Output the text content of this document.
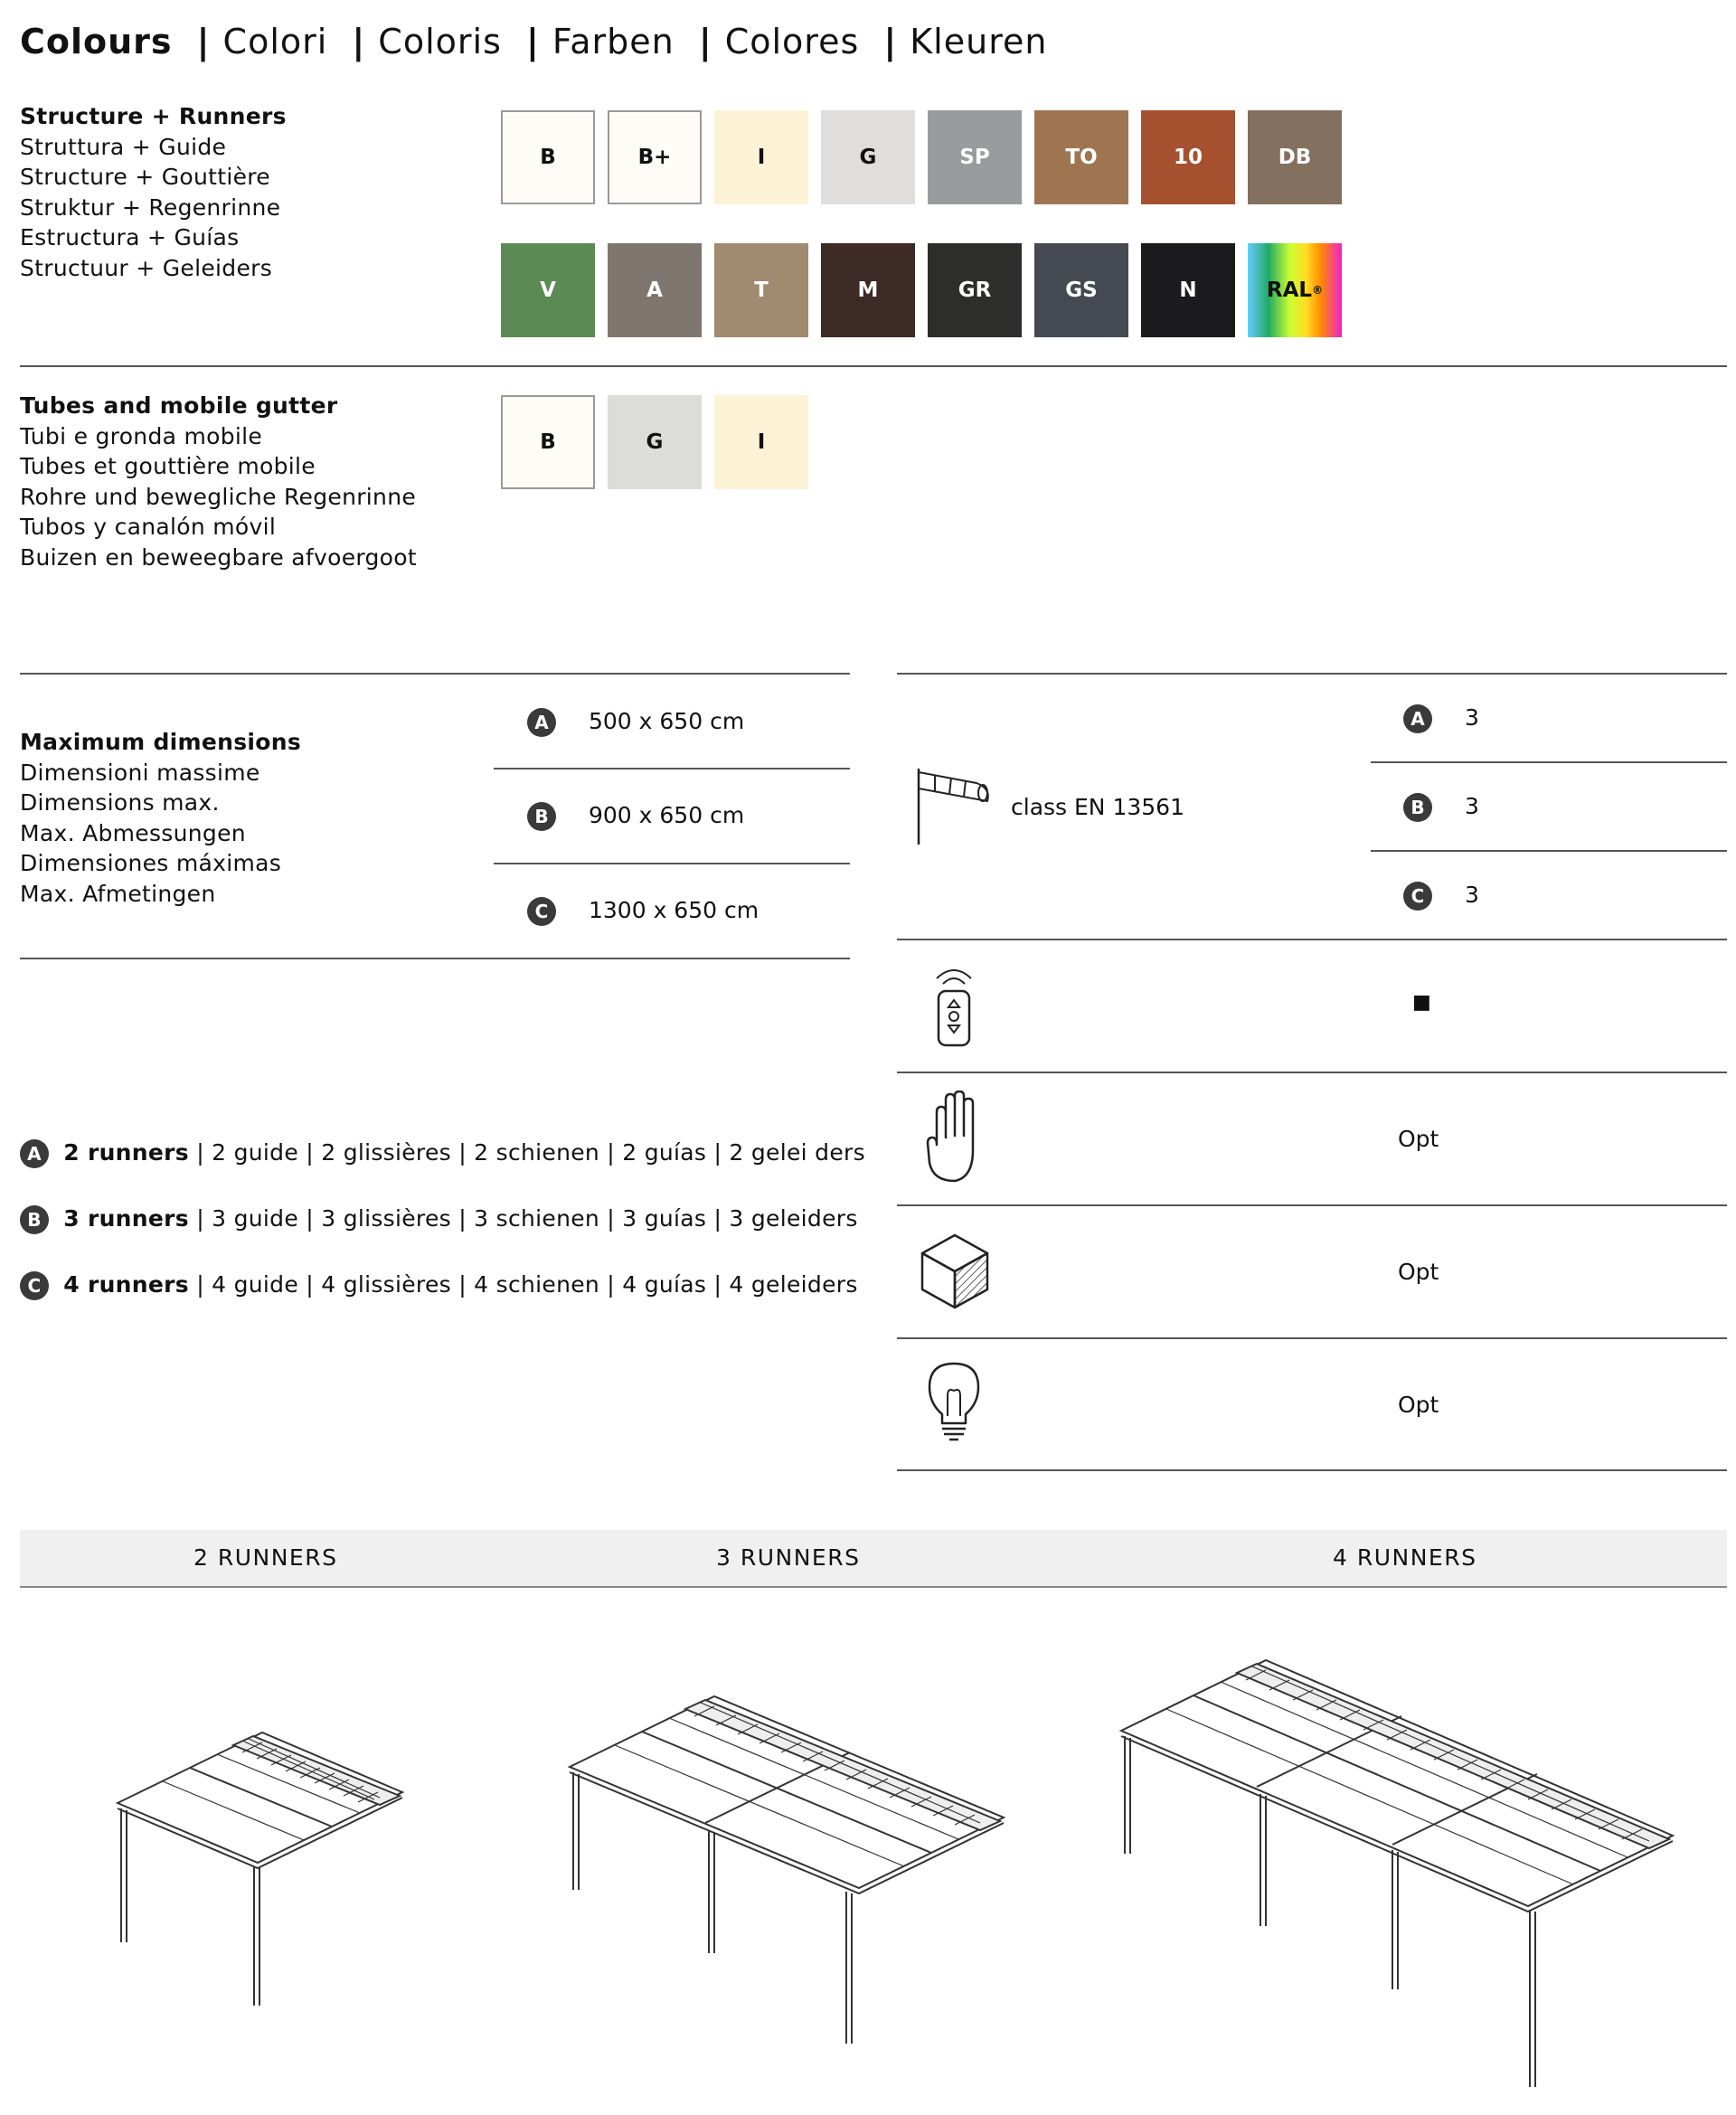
Colours | Colori | Coloris | Farben | Colores | Kleuren
Structure + Runners
Struttura + Guide
Structure + Gouttière
Struktur + Regenrinne
Estructura + Guías
Structuur + Geleiders
B	B+	I	G	SP	TO	10	DB
V	A	T	M	GR	GS	N	RAL ®
Tubes and mobile gutter
Tubi e gronda mobile
Tubes et gouttière mobile
Rohre und bewegliche Regenrinne
Tubos y canalón móvil
Buizen en beweegbare afvoergoot
B	G	I
Maximum dimensions
Dimensioni massime
Dimensions max.
Max. Abmessungen
Dimensiones máximas
Max. Afmetingen
A	500 x 650 cm
B	900 x 650 cm
C	1300 x 650 cm
class EN 13561
A	3
B	3
C	3
■
Opt
Opt
Opt
A 2 runners | 2 guide | 2 glissières | 2 schienen | 2 guías | 2 gelei ders
B 3 runners | 3 guide | 3 glissières | 3 schienen | 3 guías | 3 geleiders
C 4 runners | 4 guide | 4 glissières | 4 schienen | 4 guías | 4 geleiders
2 RUNNERS	3 RUNNERS	4 RUNNERS
